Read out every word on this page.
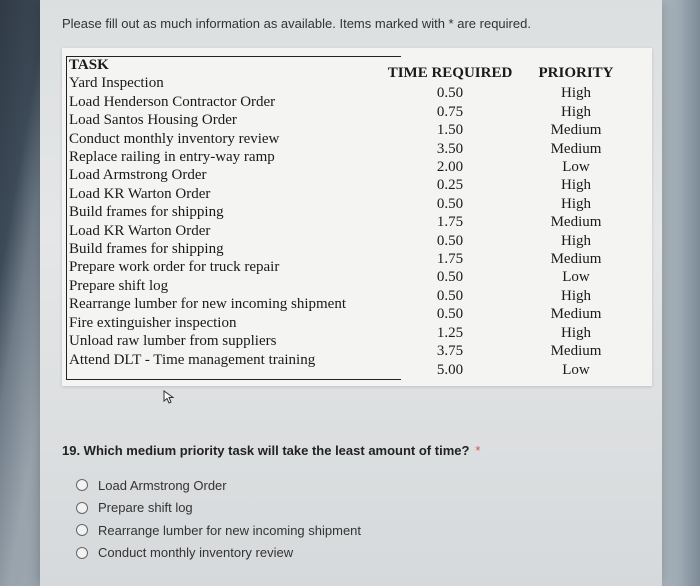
Please fill out as much information as available. Items marked with * are required.
TASK
Yard Inspection
Load Henderson Contractor Order
Load Santos Housing Order
Conduct monthly inventory review
Replace railing in entry-way ramp
Load Armstrong Order
Load KR Warton Order
Build frames for shipping
Load KR Warton Order
Build frames for shipping
Prepare work order for truck repair
Prepare shift log
Rearrange lumber for new incoming shipment
Fire extinguisher inspection
Unload raw lumber from suppliers
Attend DLT - Time management training
TIME REQUIRED
0.50
0.75
1.50
3.50
2.00
0.25
0.50
1.75
0.50
1.75
0.50
0.50
0.50
1.25
3.75
5.00
PRIORITY
High
High
Medium
Medium
Low
High
High
Medium
High
Medium
Low
High
Medium
High
Medium
Low
19. Which medium priority task will take the least amount of time? *
Load Armstrong Order
Prepare shift log
Rearrange lumber for new incoming shipment
Conduct monthly inventory review
